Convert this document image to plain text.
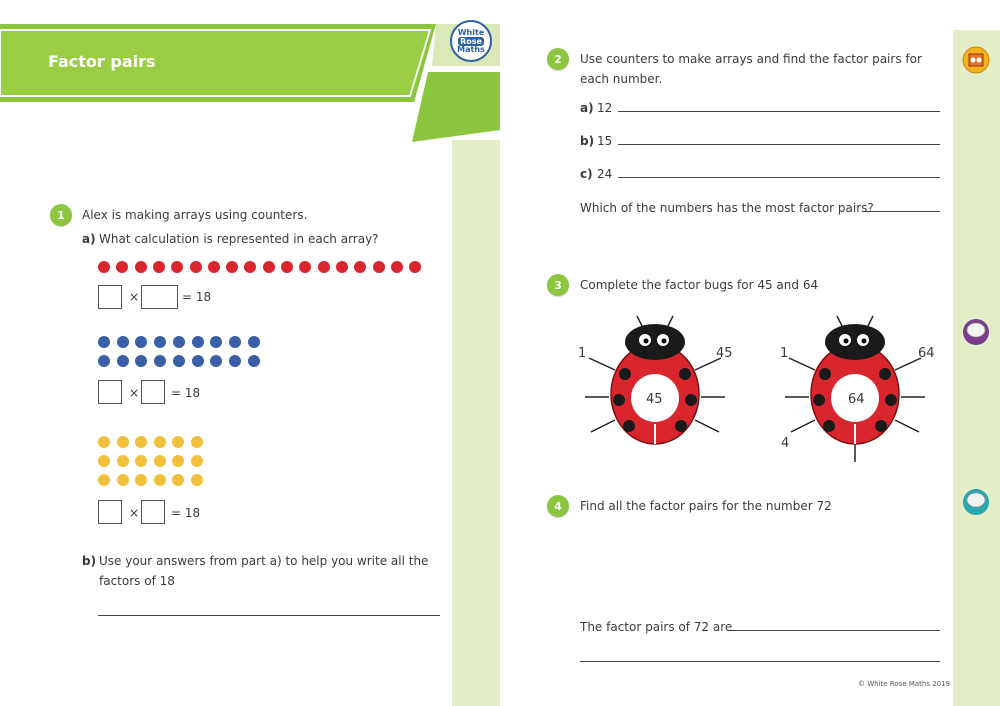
Factor pairs
White
Rose
Maths
1	Alex is making arrays using counters.
a) What calculation is represented in each array?
×	= 18
×	= 18
×	= 18
b) Use your answers from part a) to help you write all the
factors of 18
2	Use counters to make arrays and find the factor pairs for
each number.
a) 12
b) 15
c) 24
Which of the numbers has the most factor pairs?
3	Complete the factor bugs for 45 and 64
45
1	45
64
1	64
4
4	Find all the factor pairs for the number 72
The factor pairs of 72 are
© White Rose Maths 2019
